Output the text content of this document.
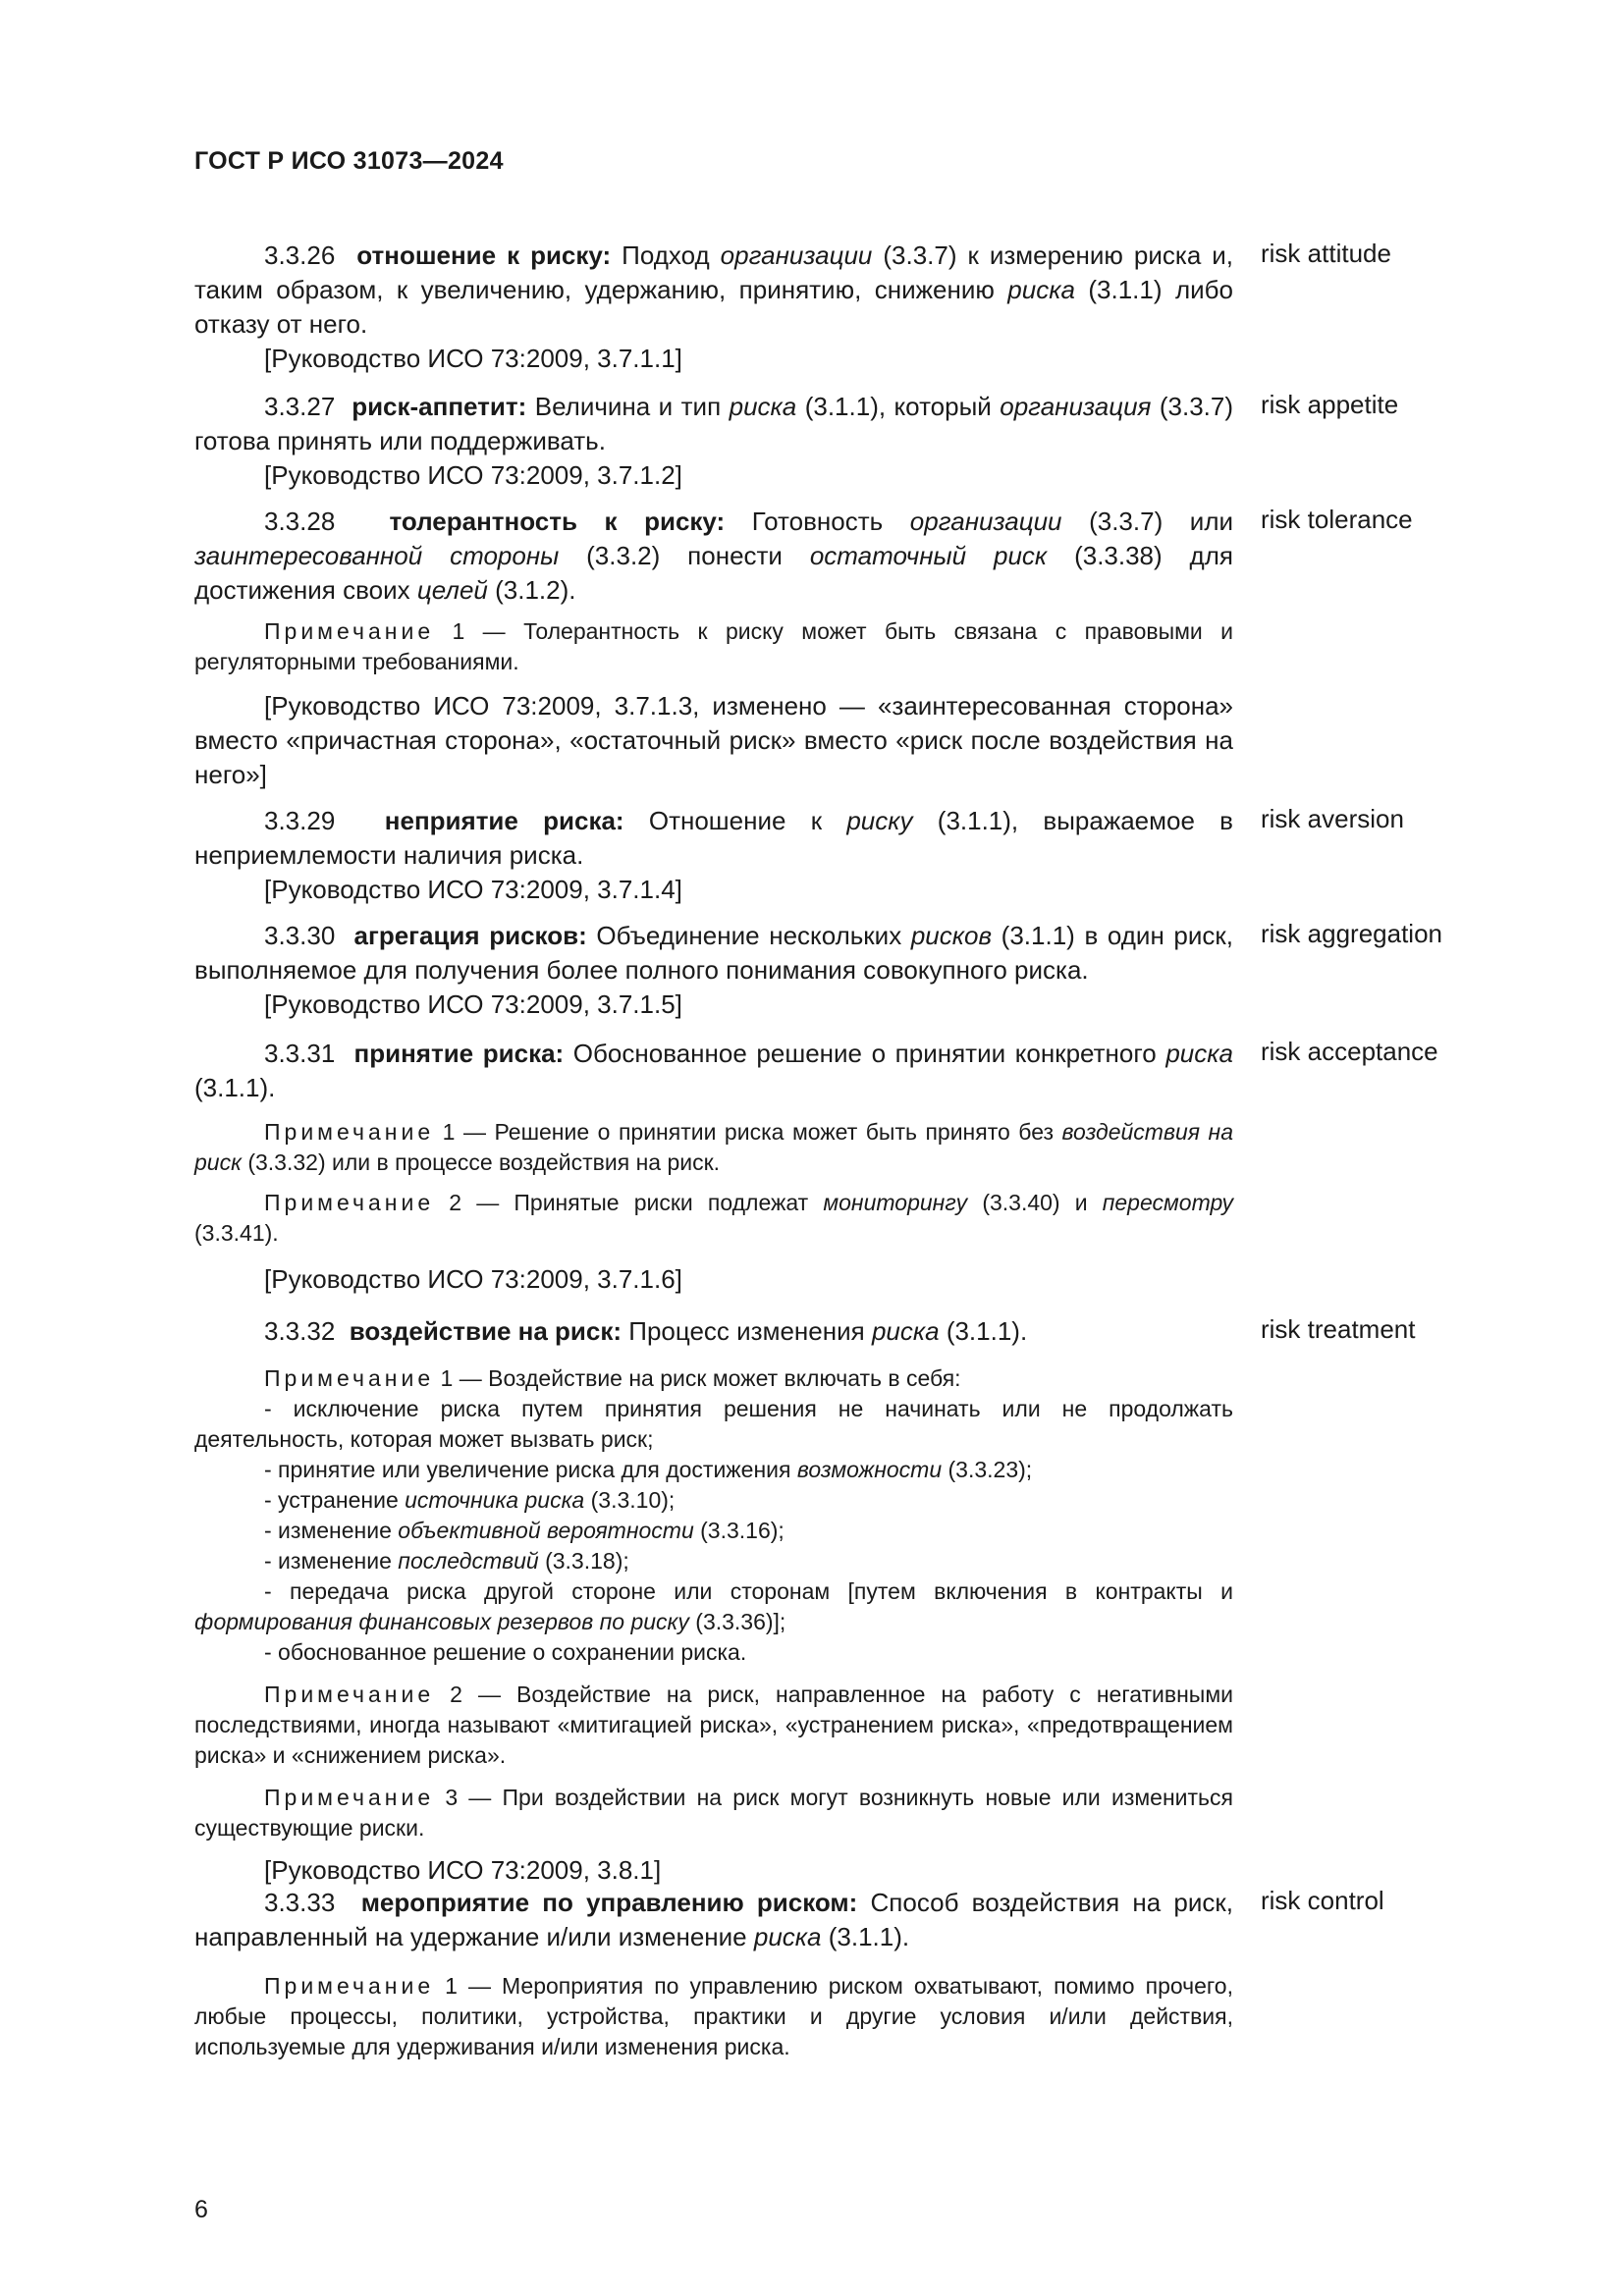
ГОСТ Р ИСО 31073—2024

3.3.26 отношение к риску: Подход организации (3.3.7) к измерению риска и, таким образом, к увеличению, удержанию, принятию, снижению риска (3.1.1) либо отказу от него.

[Руководство ИСО 73:2009, 3.7.1.1]

risk attitude

3.3.27 риск-аппетит: Величина и тип риска (3.1.1), который организация (3.3.7) готова принять или поддерживать.

[Руководство ИСО 73:2009, 3.7.1.2]

risk appetite

3.3.28 толерантность к риску: Готовность организации (3.3.7) или заинтересованной стороны (3.3.2) понести остаточный риск (3.3.38) для достижения своих целей (3.1.2).

Примечание 1 — Толерантность к риску может быть связана с правовыми и регуляторными требованиями.

[Руководство ИСО 73:2009, 3.7.1.3, изменено — «заинтересованная сторона» вместо «причастная сторона», «остаточный риск» вместо «риск после воздействия на него»]

risk tolerance

3.3.29 неприятие риска: Отношение к риску (3.1.1), выражаемое в неприемлемости наличия риска.

[Руководство ИСО 73:2009, 3.7.1.4]

risk aversion

3.3.30 агрегация рисков: Объединение нескольких рисков (3.1.1) в один риск, выполняемое для получения более полного понимания совокупного риска.

[Руководство ИСО 73:2009, 3.7.1.5]

risk aggregation

3.3.31 принятие риска: Обоснованное решение о принятии конкретного риска (3.1.1).

Примечание 1 — Решение о принятии риска может быть принято без воздействия на риск (3.3.32) или в процессе воздействия на риск.

Примечание 2 — Принятые риски подлежат мониторингу (3.3.40) и пересмотру (3.3.41).

[Руководство ИСО 73:2009, 3.7.1.6]

risk acceptance

3.3.32 воздействие на риск: Процесс изменения риска (3.1.1).

Примечание 1 — Воздействие на риск может включать в себя:

- исключение риска путем принятия решения не начинать или не продолжать деятельность, которая может вызвать риск;

- принятие или увеличение риска для достижения возможности (3.3.23);

- устранение источника риска (3.3.10);

- изменение объективной вероятности (3.3.16);

- изменение последствий (3.3.18);

- передача риска другой стороне или сторонам [путем включения в контракты и формирования финансовых резервов по риску (3.3.36)];

- обоснованное решение о сохранении риска.

Примечание 2 — Воздействие на риск, направленное на работу с негативными последствиями, иногда называют «митигацией риска», «устранением риска», «предотвращением риска» и «снижением риска».

Примечание 3 — При воздействии на риск могут возникнуть новые или измениться существующие риски.

[Руководство ИСО 73:2009, 3.8.1]

risk treatment

3.3.33 мероприятие по управлению риском: Способ воздействия на риск, направленный на удержание и/или изменение риска (3.1.1).

Примечание 1 — Мероприятия по управлению риском охватывают, помимо прочего, любые процессы, политики, устройства, практики и другие условия и/или действия, используемые для удерживания и/или изменения риска.

risk control
6
